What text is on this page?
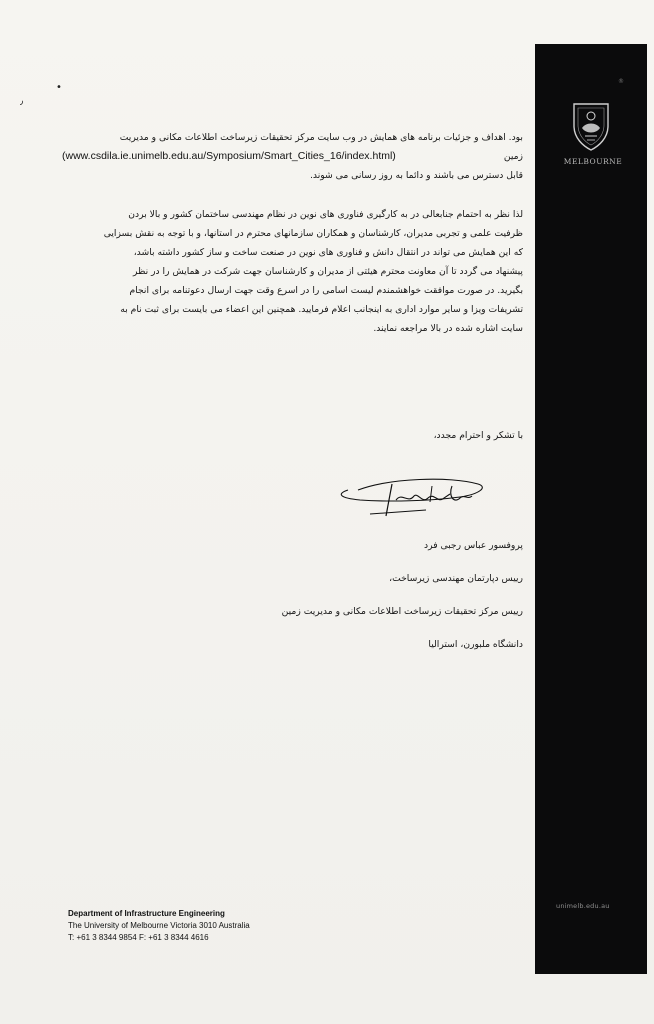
٫
•
®
MELBOURNE
unimelb.edu.au
بود. اهداف و جزئیات برنامه های همایش در وب سایت مرکز تحقیقات زیرساخت اطلاعات مکانی و مدیریت
(www.csdila.ie.unimelb.edu.au/Symposium/Smart_Cities_16/index.html)	زمین
قابل دسترس می باشند و دائما به روز رسانی می شوند.
لذا نظر به احتمام جنابعالی در به کارگیری فناوری های نوین در نظام مهندسی ساختمان کشور و بالا بردن
ظرفیت علمی و تجربی مدیران، کارشناسان و همکاران سازمانهای محترم در استانها، و با توجه به نقش بسزایی
که این همایش می تواند در انتقال دانش و فناوری های نوین در صنعت ساخت و ساز کشور داشته باشد،
پیشنهاد می گردد تا آن معاونت محترم هیئتی از مدیران و کارشناسان جهت شرکت در همایش را در نظر
بگیرید. در صورت موافقت خواهشمندم لیست اسامی را در اسرع وقت جهت ارسال دعوتنامه برای انجام
تشریفات ویزا و سایر موارد اداری به اینجانب اعلام فرمایید. همچنین این اعضاء می بایست برای ثبت نام به
سایت اشاره شده در بالا مراجعه نمایند.
با تشکر و احترام مجدد،
پروفسور عباس رجبی فرد
رییس دپارتمان مهندسی زیرساخت،
رییس مرکز تحقیقات زیرساخت اطلاعات مکانی و مدیریت زمین
دانشگاه ملبورن، استرالیا
Department of Infrastructure Engineering
The University of Melbourne Victoria 3010 Australia
T: +61 3 8344 9854 F: +61 3 8344 4616
